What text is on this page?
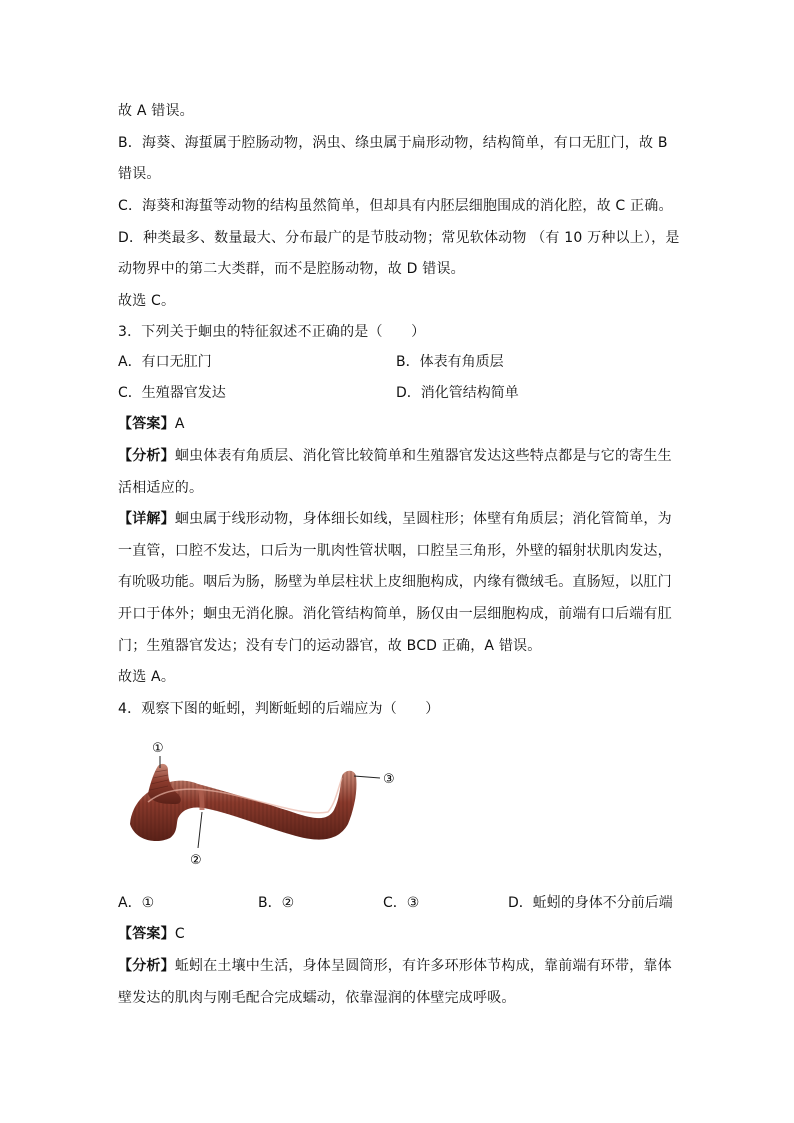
故 A 错误。
B．海葵、海蜇属于腔肠动物，涡虫、绦虫属于扁形动物，结构简单，有口无肛门，故 B
错误。
C．海葵和海蜇等动物的结构虽然简单，但却具有内胚层细胞围成的消化腔，故 C 正确。
D．种类最多、数量最大、分布最广的是节肢动物；常见软体动物 （有 10 万种以上），是
动物界中的第二大类群，而不是腔肠动物，故 D 错误。
故选 C。
3．下列关于蛔虫的特征叙述不正确的是（　　）
A．有口无肛门	B．体表有角质层
C．生殖器官发达	D．消化管结构简单
【答案】A
【分析】蛔虫体表有角质层、消化管比较简单和生殖器官发达这些特点都是与它的寄生生
活相适应的。
【详解】蛔虫属于线形动物，身体细长如线，呈圆柱形；体壁有角质层；消化管简单，为
一直管，口腔不发达，口后为一肌肉性管状咽，口腔呈三角形，外壁的辐射状肌肉发达，
有吮吸功能。咽后为肠，肠壁为单层柱状上皮细胞构成，内缘有微绒毛。直肠短，以肛门
开口于体外；蛔虫无消化腺。消化管结构简单，肠仅由一层细胞构成，前端有口后端有肛
门；生殖器官发达；没有专门的运动器官，故 BCD 正确，A 错误。
故选 A。
4．观察下图的蚯蚓，判断蚯蚓的后端应为（　　）
①
②
③
A．①	B．②	C．③	D．蚯蚓的身体不分前后端
【答案】C
【分析】蚯蚓在土壤中生活，身体呈圆筒形，有许多环形体节构成，靠前端有环带，靠体
壁发达的肌肉与刚毛配合完成蠕动，依靠湿润的体壁完成呼吸。
